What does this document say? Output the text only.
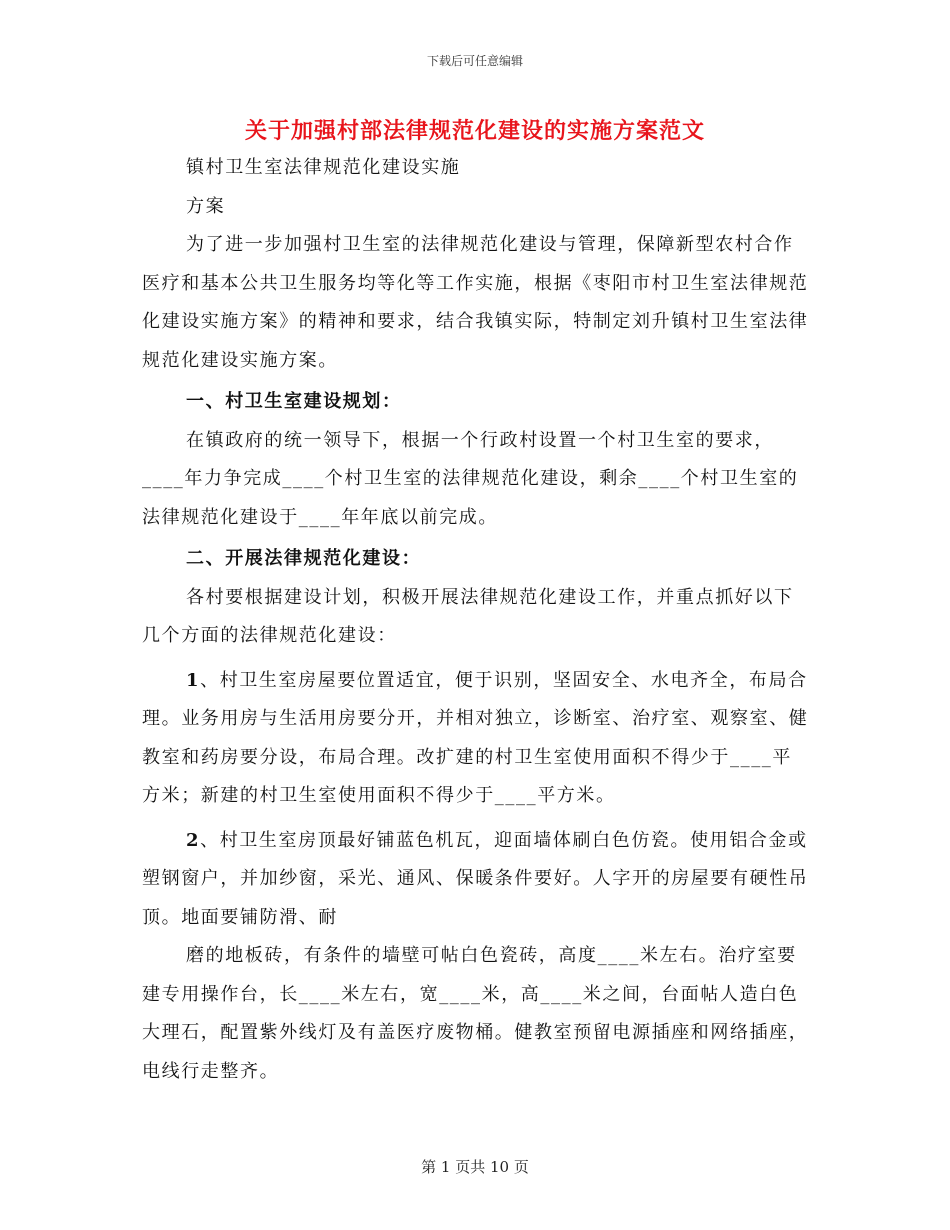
下载后可任意编辑
关于加强村部法律规范化建设的实施方案范文

镇村卫生室法律规范化建设实施

方案

为了进一步加强村卫生室的法律规范化建设与管理，保障新型农村合作医疗和基本公共卫生服务均等化等工作实施，根据《枣阳市村卫生室法律规范化建设实施方案》的精神和要求，结合我镇实际，特制定刘升镇村卫生室法律规范化建设实施方案。

一、村卫生室建设规划：

在镇政府的统一领导下，根据一个行政村设置一个村卫生室的要求，____年力争完成____个村卫生室的法律规范化建设，剩余____个村卫生室的法律规范化建设于____年年底以前完成。

二、开展法律规范化建设：

各村要根据建设计划，积极开展法律规范化建设工作，并重点抓好以下几个方面的法律规范化建设：

1、村卫生室房屋要位置适宜，便于识别，坚固安全、水电齐全，布局合理。业务用房与生活用房要分开，并相对独立，诊断室、治疗室、观察室、健教室和药房要分设，布局合理。改扩建的村卫生室使用面积不得少于____平方米；新建的村卫生室使用面积不得少于____平方米。

2、村卫生室房顶最好铺蓝色机瓦，迎面墙体刷白色仿瓷。使用铝合金或塑钢窗户，并加纱窗，采光、通风、保暖条件要好。人字开的房屋要有硬性吊顶。地面要铺防滑、耐

磨的地板砖，有条件的墙壁可帖白色瓷砖，高度____米左右。治疗室要建专用操作台，长____米左右，宽____米，高____米之间，台面帖人造白色大理石，配置紫外线灯及有盖医疗废物桶。健教室预留电源插座和网络插座，电线行走整齐。

第 1 页共 10 页
